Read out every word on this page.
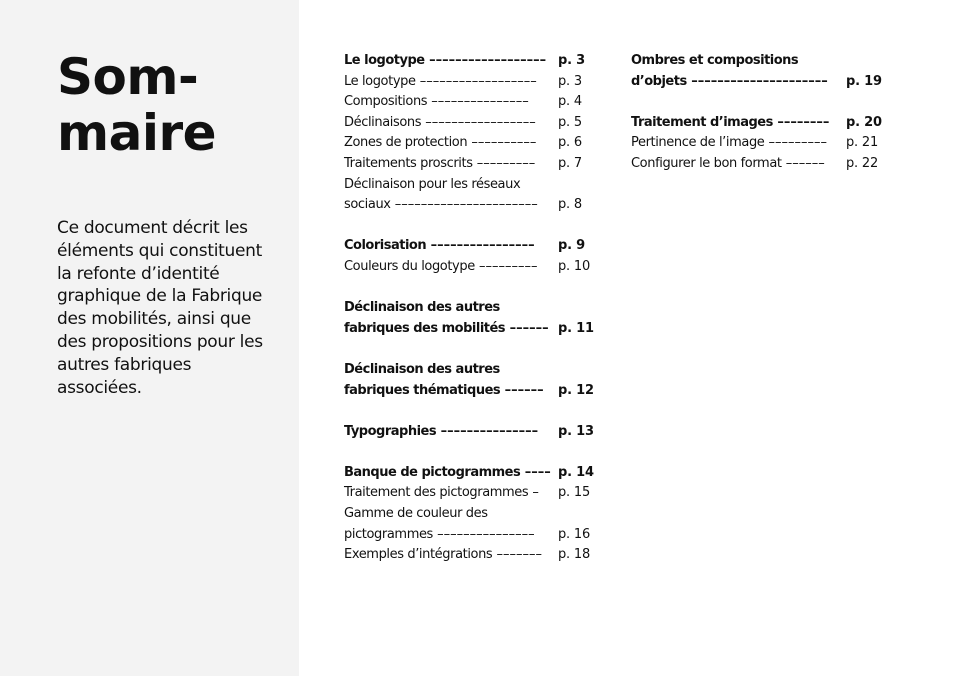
Som-
maire

Ce document décrit les éléments qui constituent la refonte d’identité graphique de la Fabrique des mobilités, ainsi que des propositions pour les autres fabriques associées.

Le logotype –––––––––––––––––– p. 3
Le logotype ––––––––––––––––––	p. 3
Compositions –––––––––––––––	p. 4
Déclinaisons –––––––––––––––––	p. 5
Zones de protection ––––––––––	p. 6
Traitements proscrits –––––––––	p. 7
Déclinaison pour les réseaux
sociaux ––––––––––––––––––––––	p. 8
Colorisation ––––––––––––––––	p. 9
Couleurs du logotype –––––––––	p. 10
Déclinaison des autres
fabriques des mobilités –––––– p. 11
Déclinaison des autres
fabriques thématiques ––––––	p. 12
Typographies –––––––––––––––	p. 13
Banque de pictogrammes –––– p. 14
Traitement des pictogrammes –	p. 15
Gamme de couleur des
pictogrammes –––––––––––––––	p. 16
Exemples d’intégrations –––––––	p. 18
Ombres et compositions
d’objets –––––––––––––––––––––	p. 19
Traitement d’images ––––––––	p. 20
Pertinence de l’image –––––––––	p. 21
Configurer le bon format ––––––	p. 22
